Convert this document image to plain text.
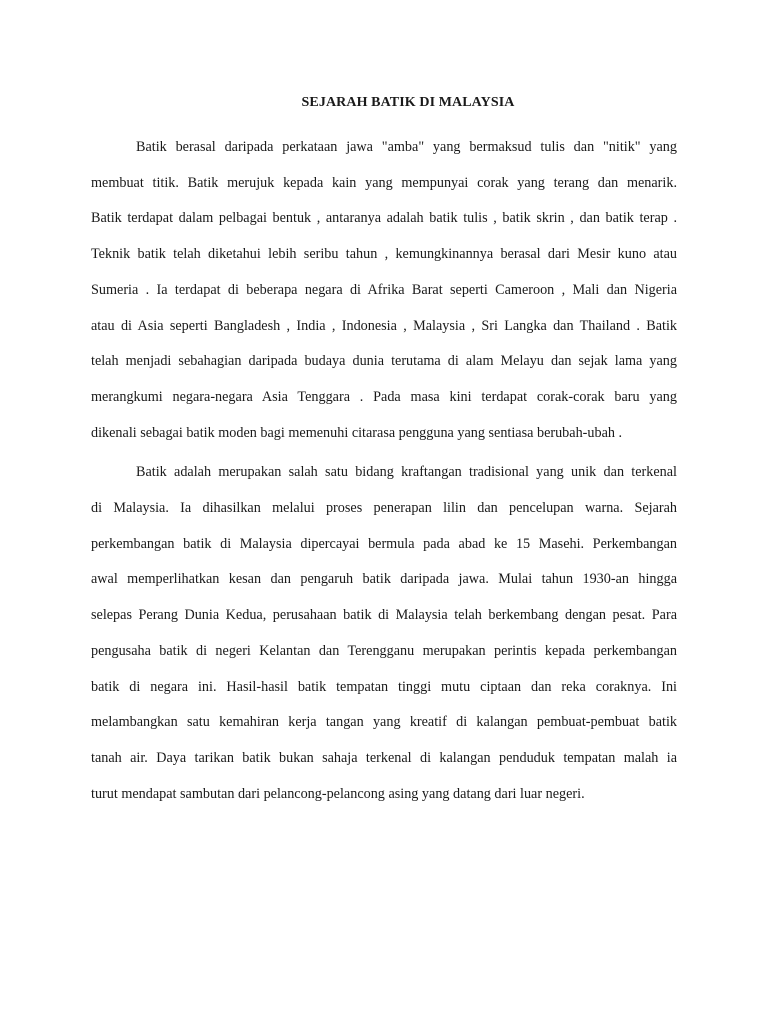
SEJARAH BATIK DI MALAYSIA
Batik berasal daripada perkataan jawa "amba" yang bermaksud tulis dan "nitik" yang
membuat titik. Batik merujuk kepada kain yang mempunyai corak yang terang dan menarik.
Batik terdapat dalam pelbagai bentuk , antaranya adalah batik tulis , batik skrin , dan batik terap .
Teknik batik telah diketahui lebih seribu tahun , kemungkinannya berasal dari Mesir kuno atau
Sumeria . Ia terdapat di beberapa negara di Afrika Barat seperti Cameroon , Mali dan Nigeria
atau di Asia seperti Bangladesh , India , Indonesia , Malaysia , Sri Langka dan Thailand . Batik
telah menjadi sebahagian daripada budaya dunia terutama di alam Melayu dan sejak lama yang
merangkumi negara-negara Asia Tenggara . Pada masa kini terdapat corak-corak baru yang
dikenali sebagai batik moden bagi memenuhi citarasa pengguna yang sentiasa berubah-ubah .
Batik adalah merupakan salah satu bidang kraftangan tradisional yang unik dan terkenal
di Malaysia. Ia dihasilkan melalui proses penerapan lilin dan pencelupan warna. Sejarah
perkembangan batik di Malaysia dipercayai bermula pada abad ke 15 Masehi. Perkembangan
awal memperlihatkan kesan dan pengaruh batik daripada jawa. Mulai tahun 1930-an hingga
selepas Perang Dunia Kedua, perusahaan batik di Malaysia telah berkembang dengan pesat. Para
pengusaha batik di negeri Kelantan dan Terengganu merupakan perintis kepada perkembangan
batik di negara ini. Hasil-hasil batik tempatan tinggi mutu ciptaan dan reka coraknya. Ini
melambangkan satu kemahiran kerja tangan yang kreatif di kalangan pembuat-pembuat batik
tanah air. Daya tarikan batik bukan sahaja terkenal di kalangan penduduk tempatan malah ia
turut mendapat sambutan dari pelancong-pelancong asing yang datang dari luar negeri.
